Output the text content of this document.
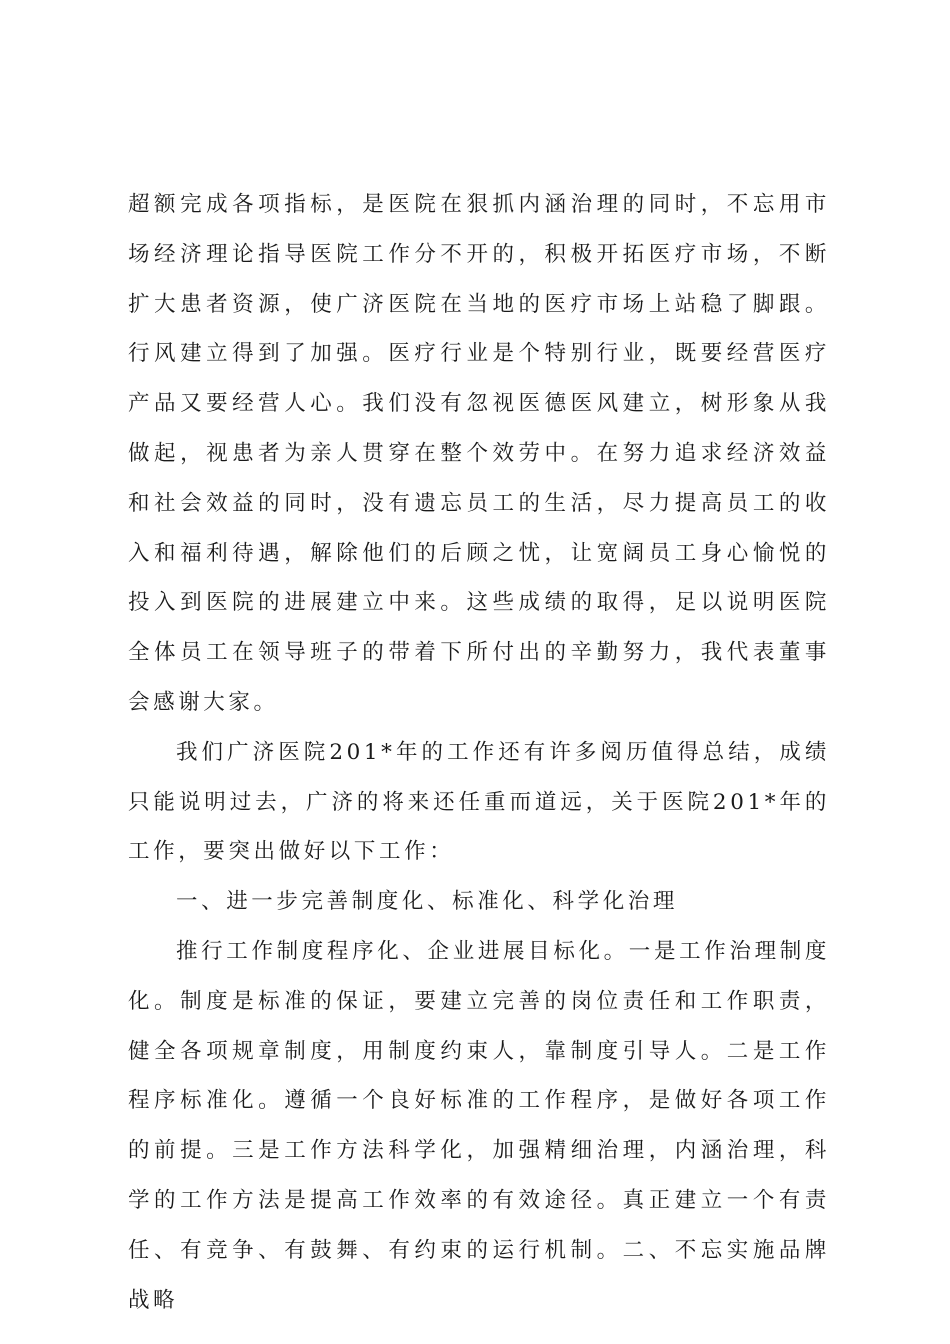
超额完成各项指标，是医院在狠抓内涵治理的同时，不忘用市场经济理论指导医院工作分不开的，积极开拓医疗市场，不断扩大患者资源，使广济医院在当地的医疗市场上站稳了脚跟。行风建立得到了加强。医疗行业是个特别行业，既要经营医疗产品又要经营人心。我们没有忽视医德医风建立，树形象从我做起，视患者为亲人贯穿在整个效劳中。在努力追求经济效益和社会效益的同时，没有遗忘员工的生活，尽力提高员工的收入和福利待遇，解除他们的后顾之忧，让宽阔员工身心愉悦的投入到医院的进展建立中来。这些成绩的取得，足以说明医院全体员工在领导班子的带着下所付出的辛勤努力，我代表董事会感谢大家。

我们广济医院201*年的工作还有许多阅历值得总结，成绩只能说明过去，广济的将来还任重而道远，关于医院201*年的工作，要突出做好以下工作：

一、进一步完善制度化、标准化、科学化治理

推行工作制度程序化、企业进展目标化。一是工作治理制度化。制度是标准的保证，要建立完善的岗位责任和工作职责，健全各项规章制度，用制度约束人，靠制度引导人。二是工作程序标准化。遵循一个良好标准的工作程序，是做好各项工作的前提。三是工作方法科学化，加强精细治理，内涵治理，科学的工作方法是提高工作效率的有效途径。真正建立一个有责任、有竞争、有鼓舞、有约束的运行机制。二、不忘实施品牌战略
